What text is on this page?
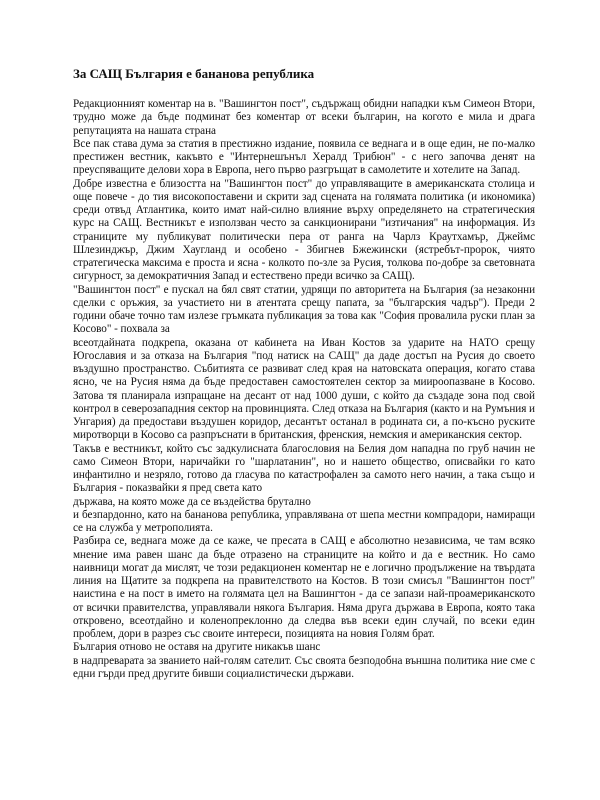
За САЩ България е бананова република

Редакционният коментар на в. "Вашингтон пост", съдържащ обидни нападки към Симеон Втори, трудно може да бъде подминат без коментар от всеки българин, на когото е мила и драга репутацията на нашата страна

Все пак става дума за статия в престижно издание, появила се веднага и в още един, не по-малко престижен вестник, какъвто е "Интернешънъл Хералд Трибюн" - с него започва денят на преуспяващите делови хора в Европа, него първо разгръщат в самолетите и хотелите на Запад.

Добре известна е близостта на "Вашингтон пост" до управляващите в американската столица и още повече - до тия високопоставени и скрити зад сцената на голямата политика (и икономика) среди отвъд Атлантика, които имат най-силно влияние върху определянето на стратегическия курс на САЩ. Вестникът е използван често за санкционирани "изтичания" на информация. Из страниците му публикуват политически пера от ранга на Чарлз Краутхамър, Джеймс Шлезинджър, Джим Хаугланд и особено - Збигнев Бжежински (ястребът-пророк, чиято стратегическа максима е проста и ясна - колкото по-зле за Русия, толкова по-добре за световната сигурност, за демократичния Запад и естествено преди всичко за САЩ).

"Вашингтон пост" е пускал на бял свят статии, удрящи по авторитета на България (за незаконни сделки с оръжия, за участието ни в атентата срещу папата, за "българския чадър"). Преди 2 години обаче точно там излезе гръмката публикация за това как "София провалила руски план за Косово" - похвала за

всеотдайната подкрепа, оказана от кабинета на Иван Костов за ударите на НАТО срещу Югославия и за отказа на България "под натиск на САЩ" да даде достъп на Русия до своето въздушно пространство. Събитията се развиват след края на натовската операция, когато става ясно, че на Русия няма да бъде предоставен самостоятелен сектор за миироопазване в Косово. Затова тя планирала изпращане на десант от над 1000 души, с който да създаде зона под свой контрол в северозападния сектор на провинцията. След отказа на България (както и на Румъния и Унгария) да предостави въздушен коридор, десантът останал в родината си, а по-късно руските миротворци в Косово са разпръснати в британския, френския, немския и американския сектор.

Такъв е вестникът, който със задкулисната благословия на Белия дом нападна по груб начин не само Симеон Втори, наричайки го "шарлатанин", но и нашето общество, описвайки го като инфантилно и незряло, готово да гласува по катастрофален за самото него начин, а така също и България - показвайки я пред света като

държава, на която може да се въздейства брутално

и безпардонно, като на бананова република, управлявана от шепа местни компрадори, намиращи се на служба у метрополията.

Разбира се, веднага може да се каже, че пресата в САЩ е абсолютно независима, че там всяко мнение има равен шанс да бъде отразено на страниците на който и да е вестник. Но само наивници могат да мислят, че този редакционен коментар не е логично продължение на твърдата линия на Щатите за подкрепа на правителството на Костов. В този смисъл "Вашингтон пост" наистина е на пост в името на голямата цел на Вашингтон - да се запази най-проамериканското от всички правителства, управлявали някога България. Няма друга държава в Европа, която така откровено, всеотдайно и коленопреклонно да следва във всеки един случай, по всеки един проблем, дори в разрез със своите интереси, позицията на новия Голям брат.

България отново не оставя на другите никакъв шанс

в надпреварата за званието най-голям сателит. Със своята безподобна външна политика ние сме с едни гърди пред другите бивши социалистически държави.
